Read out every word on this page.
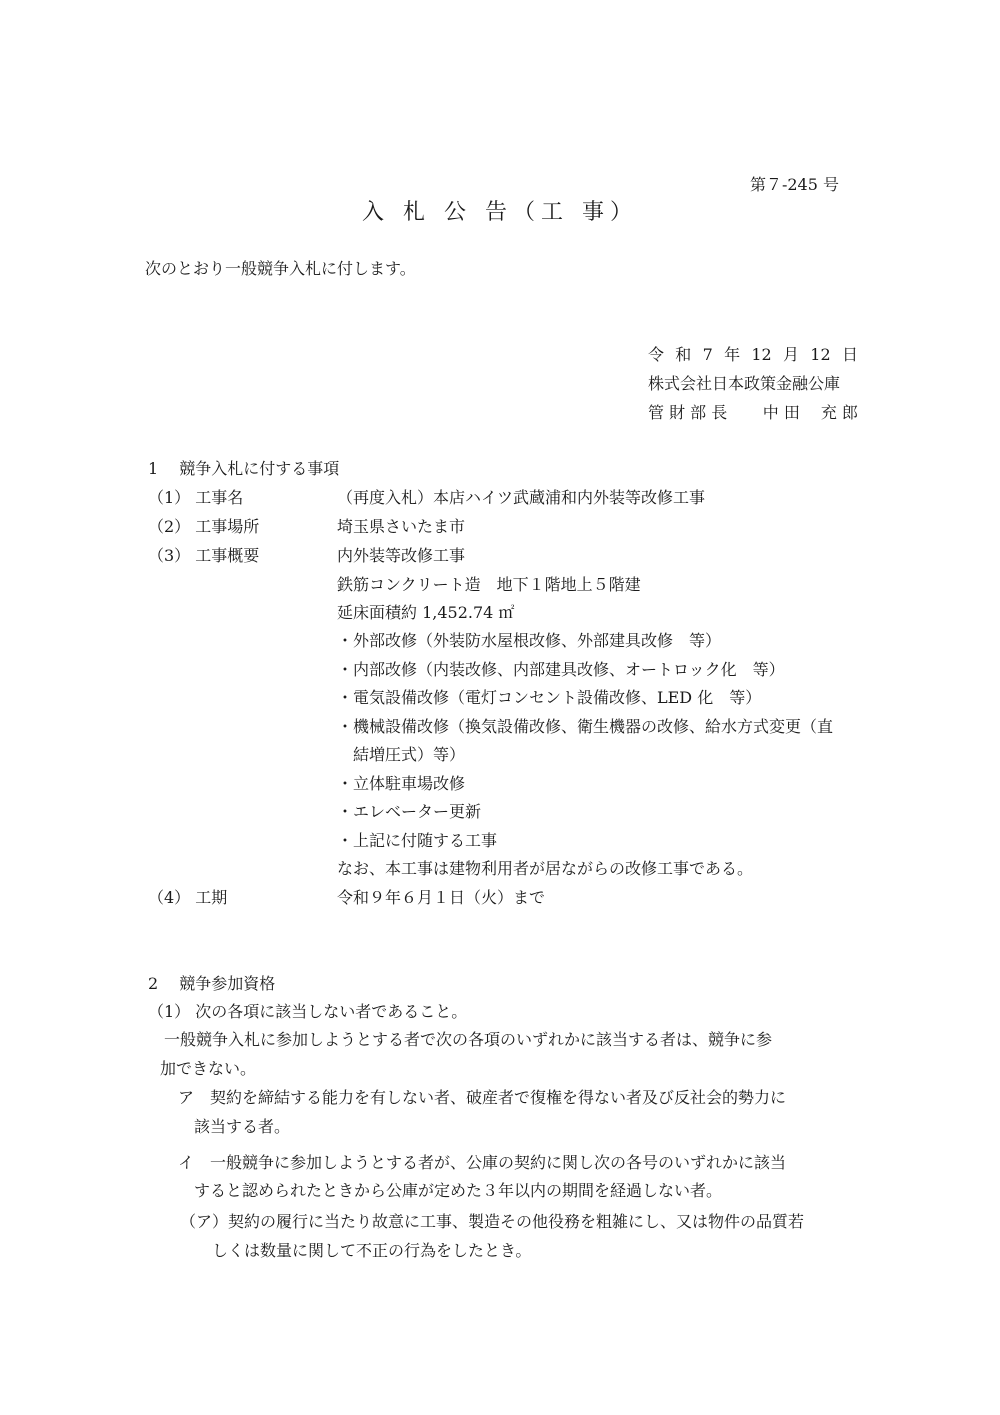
第７-245 号
入 札 公 告（工 事）
次のとおり一般競争入札に付します。
令 和 7 年 12 月 12 日
株式会社日本政策金融公庫
管 財 部 長 中 田　 充 郎
1　 競争入札に付する事項
（1） 工事名	（再度入札）本店ハイツ武蔵浦和内外装等改修工事
（2） 工事場所	埼玉県さいたま市
（3） 工事概要	内外装等改修工事
鉄筋コンクリート造　地下１階地上５階建
延床面積約 1,452.74 ㎡
・外部改修（外装防水屋根改修、外部建具改修　等）
・内部改修（内装改修、内部建具改修、オートロック化　等）
・電気設備改修（電灯コンセント設備改修、LED 化　等）
・機械設備改修（換気設備改修、衛生機器の改修、給水方式変更（直
　結増圧式）等）
・立体駐車場改修
・エレベーター更新
・上記に付随する工事
なお、本工事は建物利用者が居ながらの改修工事である。
（4） 工期	令和９年６月１日（火）まで
2　 競争参加資格
（1） 次の各項に該当しない者であること。
　一般競争入札に参加しようとする者で次の各項のいずれかに該当する者は、競争に参
加できない。
ア　契約を締結する能力を有しない者、破産者で復権を得ない者及び反社会的勢力に
　該当する者。
イ　一般競争に参加しようとする者が、公庫の契約に関し次の各号のいずれかに該当
　すると認められたときから公庫が定めた３年以内の期間を経過しない者。
（ア）契約の履行に当たり故意に工事、製造その他役務を粗雑にし、又は物件の品質若
　　しくは数量に関して不正の行為をしたとき。
